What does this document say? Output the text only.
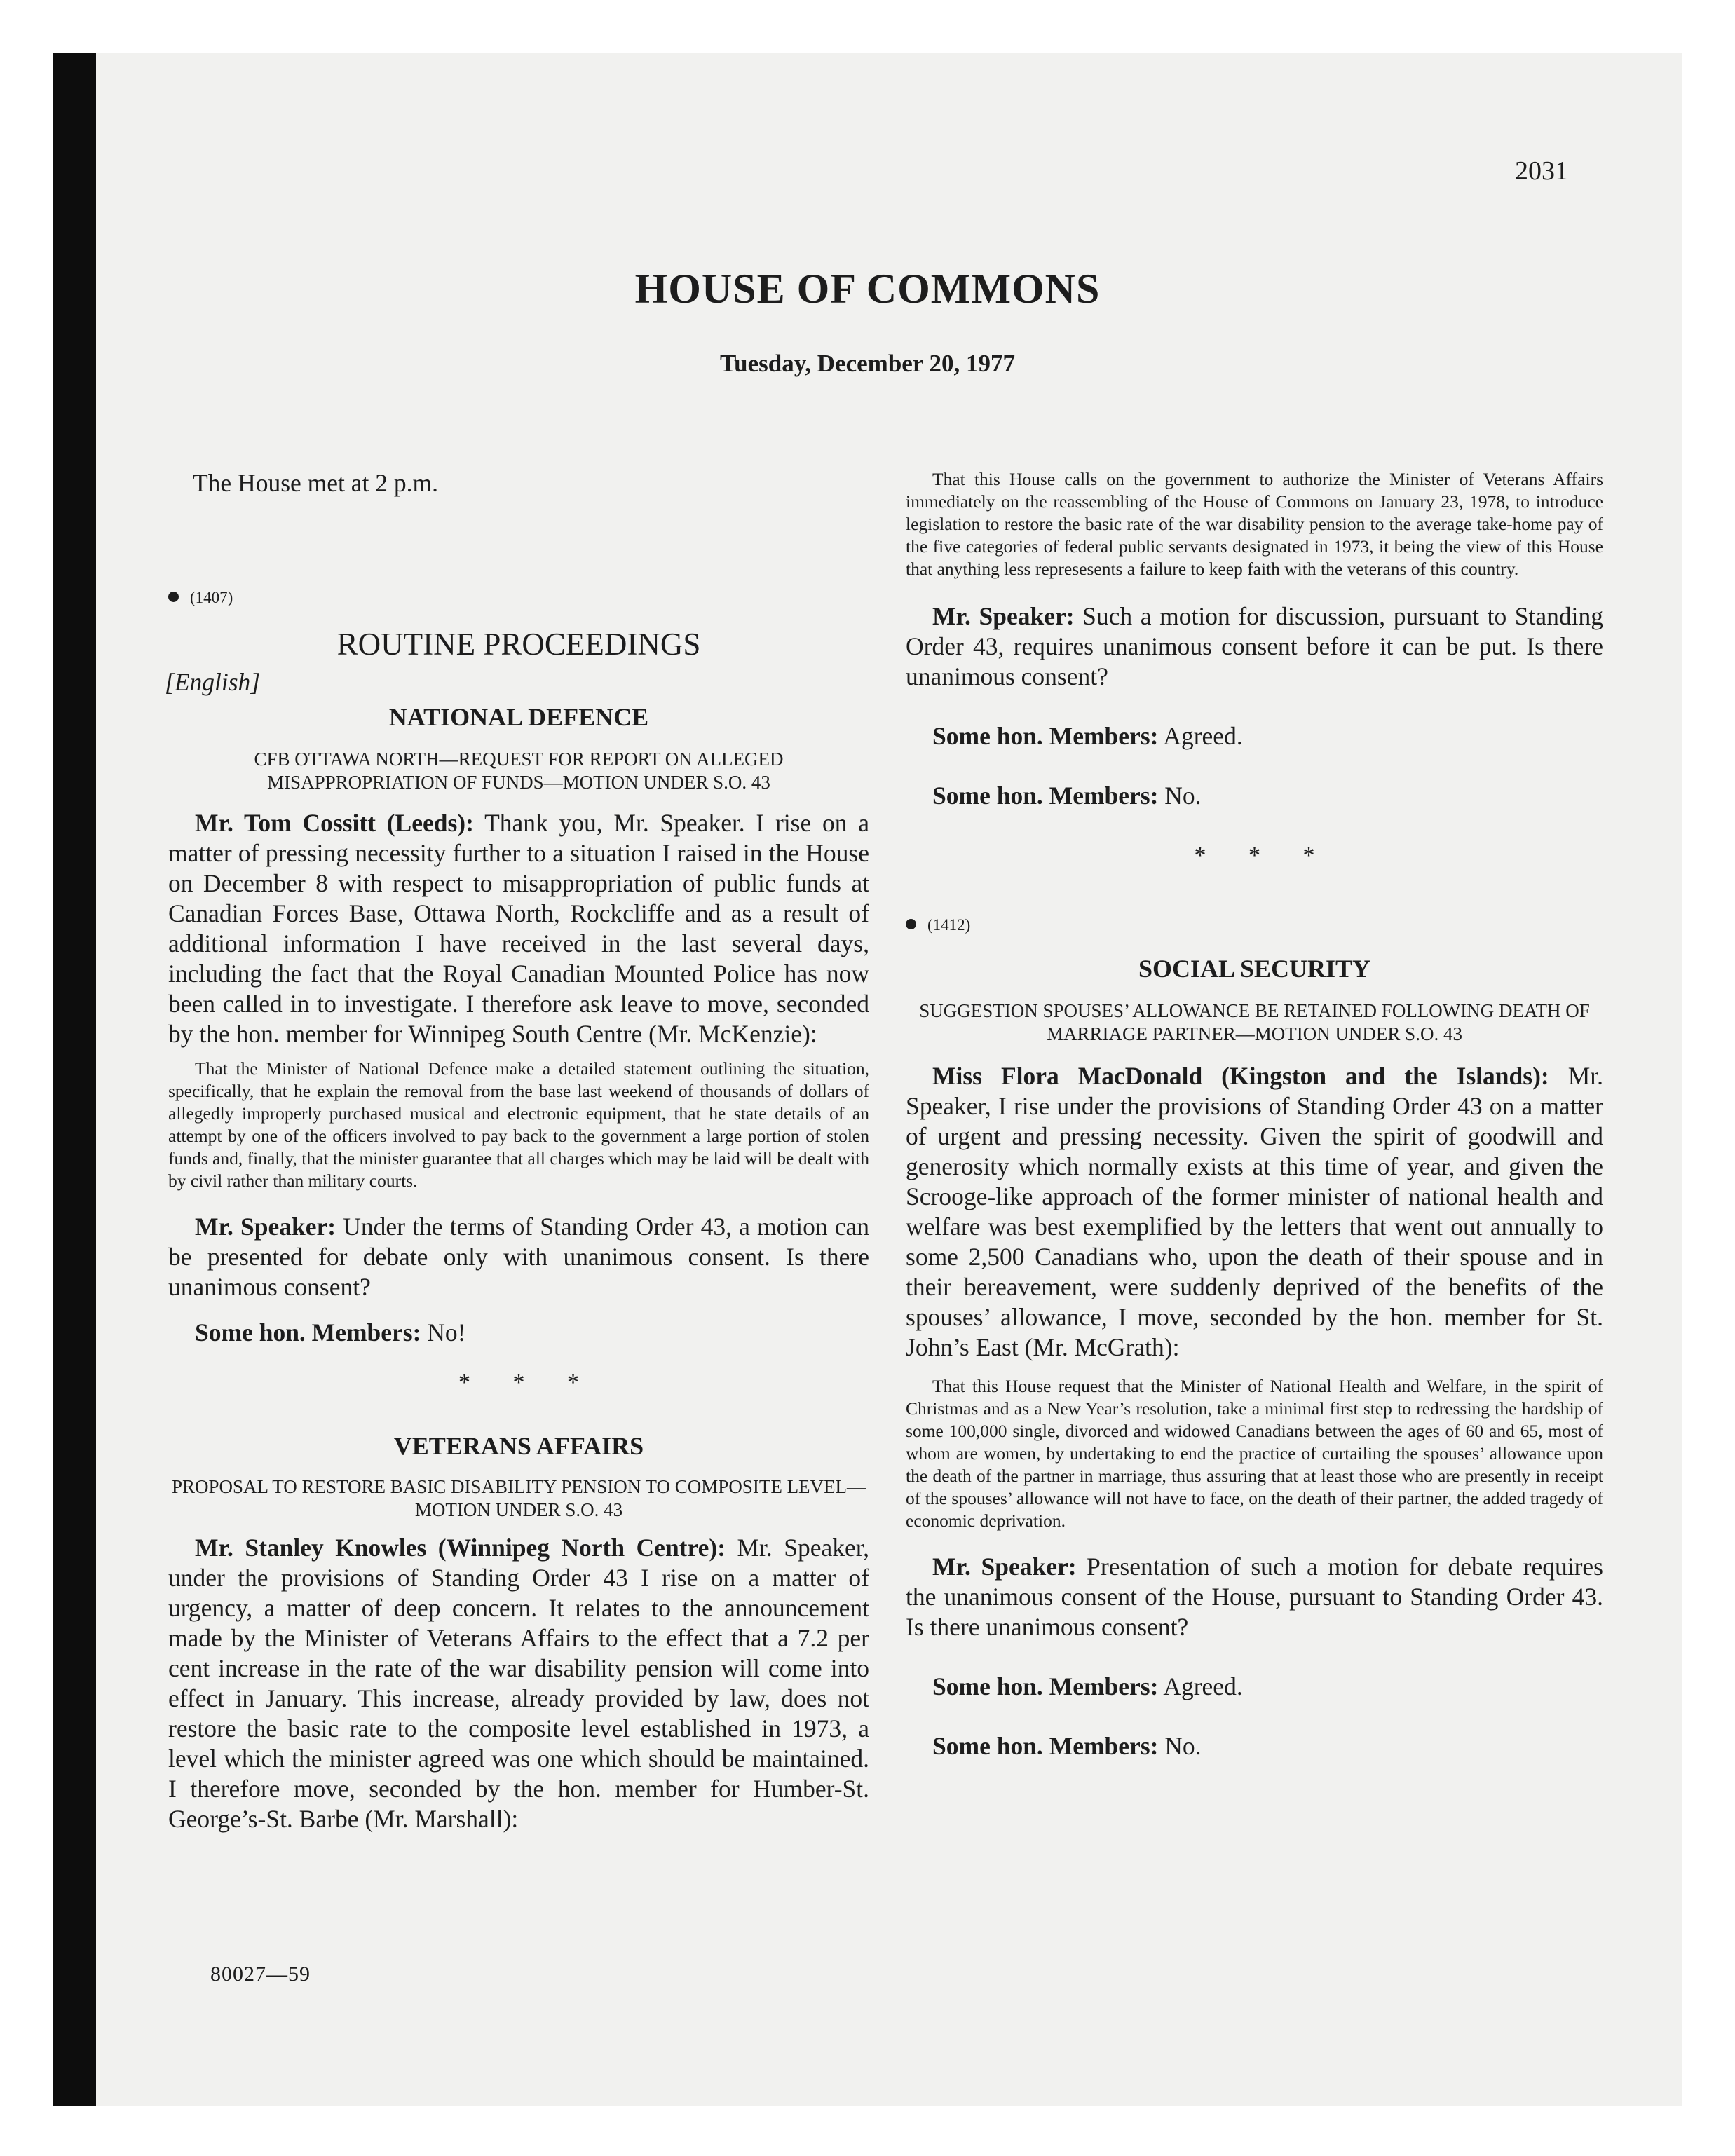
2031
HOUSE OF COMMONS
Tuesday, December 20, 1977

The House met at 2 p.m.

(1407)
ROUTINE PROCEEDINGS
[English]
NATIONAL DEFENCE

CFB OTTAWA NORTH—REQUEST FOR REPORT ON ALLEGED MISAPPROPRIATION OF FUNDS—MOTION UNDER S.O. 43

Mr. Tom Cossitt (Leeds): Thank you, Mr. Speaker. I rise on a matter of pressing necessity further to a situation I raised in the House on December 8 with respect to misappropriation of public funds at Canadian Forces Base, Ottawa North, Rockcliffe and as a result of additional information I have received in the last several days, including the fact that the Royal Canadian Mounted Police has now been called in to investigate. I therefore ask leave to move, seconded by the hon. member for Winnipeg South Centre (Mr. McKenzie):

That the Minister of National Defence make a detailed statement outlining the situation, specifically, that he explain the removal from the base last weekend of thousands of dollars of allegedly improperly purchased musical and electronic equipment, that he state details of an attempt by one of the officers involved to pay back to the government a large portion of stolen funds and, finally, that the minister guarantee that all charges which may be laid will be dealt with by civil rather than military courts.

Mr. Speaker: Under the terms of Standing Order 43, a motion can be presented for debate only with unanimous consent. Is there unanimous consent?

Some hon. Members: No!

* * *
VETERANS AFFAIRS

PROPOSAL TO RESTORE BASIC DISABILITY PENSION TO COMPOSITE LEVEL—MOTION UNDER S.O. 43

Mr. Stanley Knowles (Winnipeg North Centre): Mr. Speaker, under the provisions of Standing Order 43 I rise on a matter of urgency, a matter of deep concern. It relates to the announcement made by the Minister of Veterans Affairs to the effect that a 7.2 per cent increase in the rate of the war disability pension will come into effect in January. This increase, already provided by law, does not restore the basic rate to the composite level established in 1973, a level which the minister agreed was one which should be maintained. I therefore move, seconded by the hon. member for Humber-St. George’s-St. Barbe (Mr. Marshall):

That this House calls on the government to authorize the Minister of Veterans Affairs immediately on the reassembling of the House of Commons on January 23, 1978, to introduce legislation to restore the basic rate of the war disability pension to the average take-home pay of the five categories of federal public servants designated in 1973, it being the view of this House that anything less represesents a failure to keep faith with the veterans of this country.

Mr. Speaker: Such a motion for discussion, pursuant to Standing Order 43, requires unanimous consent before it can be put. Is there unanimous consent?

Some hon. Members: Agreed.

Some hon. Members: No.

* * *
(1412)
SOCIAL SECURITY

SUGGESTION SPOUSES’ ALLOWANCE BE RETAINED FOLLOWING DEATH OF MARRIAGE PARTNER—MOTION UNDER S.O. 43

Miss Flora MacDonald (Kingston and the Islands): Mr. Speaker, I rise under the provisions of Standing Order 43 on a matter of urgent and pressing necessity. Given the spirit of goodwill and generosity which normally exists at this time of year, and given the Scrooge-like approach of the former minister of national health and welfare was best exemplified by the letters that went out annually to some 2,500 Canadians who, upon the death of their spouse and in their bereavement, were suddenly deprived of the benefits of the spouses’ allowance, I move, seconded by the hon. member for St. John’s East (Mr. McGrath):

That this House request that the Minister of National Health and Welfare, in the spirit of Christmas and as a New Year’s resolution, take a minimal first step to redressing the hardship of some 100,000 single, divorced and widowed Canadians between the ages of 60 and 65, most of whom are women, by undertaking to end the practice of curtailing the spouses’ allowance upon the death of the partner in marriage, thus assuring that at least those who are presently in receipt of the spouses’ allowance will not have to face, on the death of their partner, the added tragedy of economic deprivation.

Mr. Speaker: Presentation of such a motion for debate requires the unanimous consent of the House, pursuant to Standing Order 43. Is there unanimous consent?

Some hon. Members: Agreed.

Some hon. Members: No.

80027—59
